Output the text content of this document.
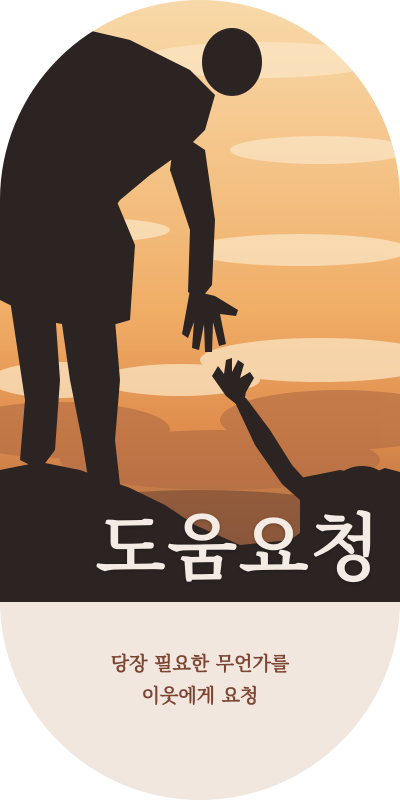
도움요청
당장 필요한 무언가를
이웃에게 요청
